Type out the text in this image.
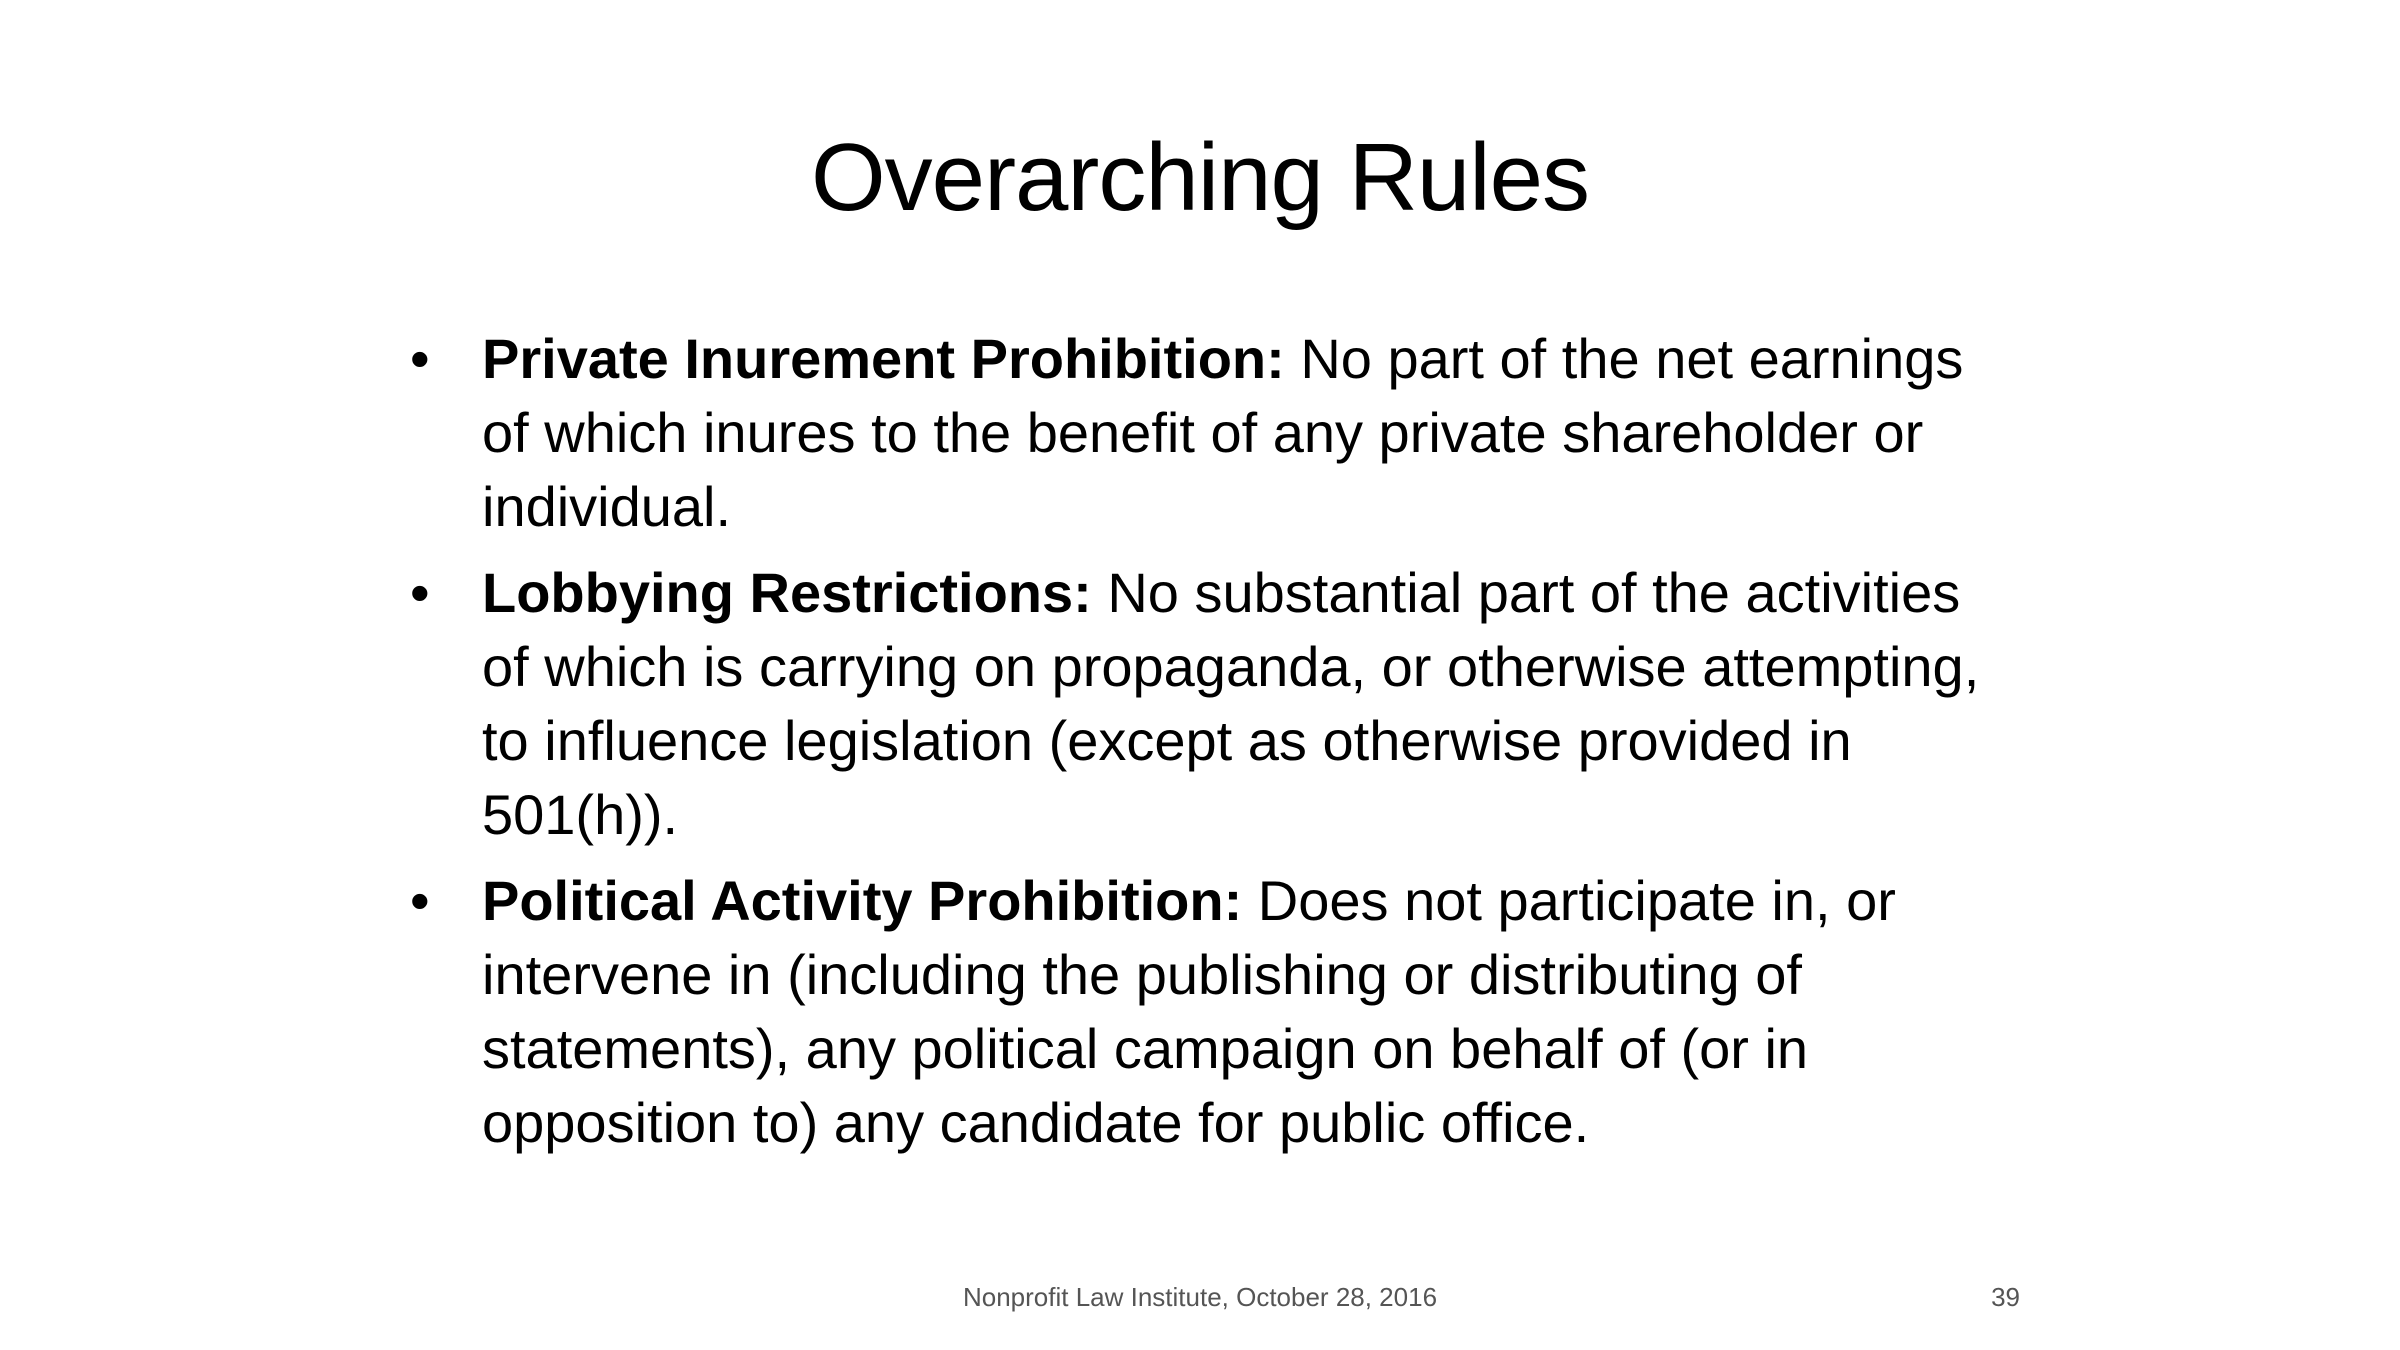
Overarching Rules
• Private Inurement Prohibition: No part of the net earnings of which inures to the benefit of any private shareholder or individual.
• Lobbying Restrictions: No substantial part of the activities of which is carrying on propaganda, or otherwise attempting, to influence legislation (except as otherwise provided in 501(h)).
• Political Activity Prohibition: Does not participate in, or intervene in (including the publishing or distributing of statements), any political campaign on behalf of (or in opposition to) any candidate for public office.
Nonprofit Law Institute, October 28, 2016	39
